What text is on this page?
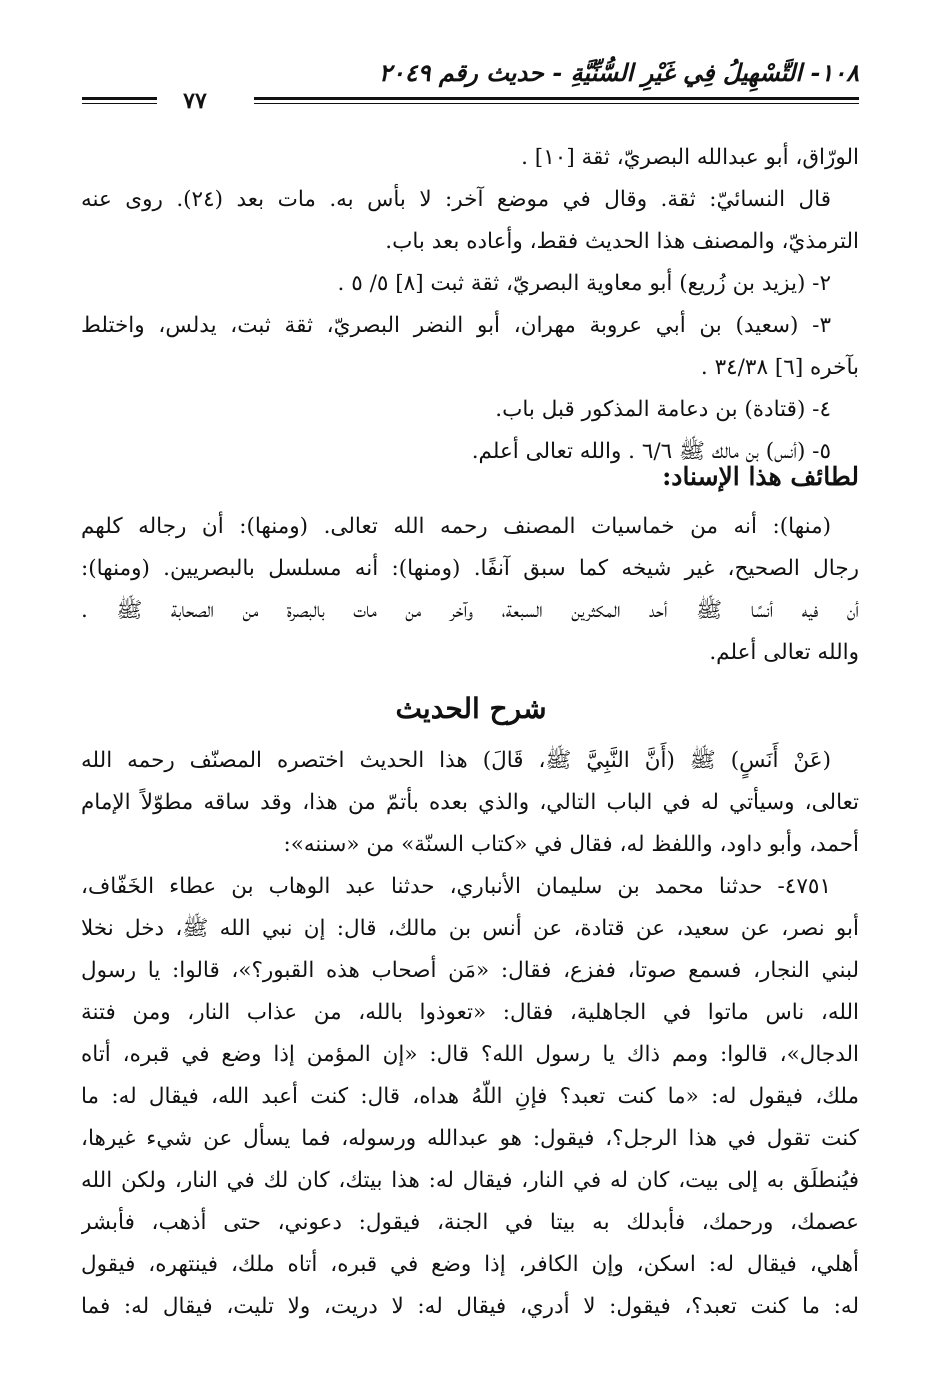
١٠٨- التَّسْهِيلُ فِي غَيْرِ السُّنِّيَّةِ - حديث رقم ٢٠٤٩
٧٧
الورّاق، أبو عبدالله البصريّ، ثقة [١٠] .
قال النسائيّ: ثقة. وقال في موضع آخر: لا بأس به. مات بعد (٢٤). روى عنه
الترمذيّ، والمصنف هذا الحديث فقط، وأعاده بعد باب.
٢- (يزيد بن زُريع) أبو معاوية البصريّ، ثقة ثبت [٨] ٥/ ٥ .
٣- (سعيد) بن أبي عروبة مهران، أبو النضر البصريّ، ثقة ثبت، يدلس، واختلط
بآخره [٦] ٣٤/٣٨ .
٤- (قتادة) بن دعامة المذكور قبل باب.
٥- (أنس) بن مالك ﷺ ٦/٦ . والله تعالى أعلم.
لطائف هذا الإسناد:
(منها): أنه من خماسيات المصنف رحمه الله تعالى. (ومنها): أن رجاله كلهم
رجال الصحيح، غير شيخه كما سبق آنفًا. (ومنها): أنه مسلسل بالبصريين. (ومنها):
أن فيه أنسًا ﷺ أحد المكثرين السبعة، وآخر من مات بالبصرة من الصحابة ﷺ .
والله تعالى أعلم.
شرح الحديث
(عَنْ أَنَسٍ) ﷺ (أَنَّ النَّبِيَّ ﷺ، قَالَ) هذا الحديث اختصره المصنّف رحمه الله
تعالى، وسيأتي له في الباب التالي، والذي بعده بأتمّ من هذا، وقد ساقه مطوّلاً الإمام
أحمد، وأبو داود، واللفظ له، فقال في «كتاب السنّة» من «سننه»:
٤٧٥١- حدثنا محمد بن سليمان الأنباري، حدثنا عبد الوهاب بن عطاء الخَفّاف،
أبو نصر، عن سعيد، عن قتادة، عن أنس بن مالك، قال: إن نبي الله ﷺ، دخل نخلا
لبني النجار، فسمع صوتا، ففزع، فقال: «مَن أصحاب هذه القبور؟»، قالوا: يا رسول
الله، ناس ماتوا في الجاهلية، فقال: «تعوذوا بالله، من عذاب النار، ومن فتنة
الدجال»، قالوا: ومم ذاك يا رسول الله؟ قال: «إن المؤمن إذا وضع في قبره، أتاه
ملك، فيقول له: «ما كنت تعبد؟ فإنِ اللّهُ هداه، قال: كنت أعبد الله، فيقال له: ما
كنت تقول في هذا الرجل؟، فيقول: هو عبدالله ورسوله، فما يسأل عن شيء غيرها،
فيُنطلَق به إلى بيت، كان له في النار، فيقال له: هذا بيتك، كان لك في النار، ولكن الله
عصمك، ورحمك، فأبدلك به بيتا في الجنة، فيقول: دعوني، حتى أذهب، فأبشر
أهلي، فيقال له: اسكن، وإن الكافر، إذا وضع في قبره، أتاه ملك، فينتهره، فيقول
له: ما كنت تعبد؟، فيقول: لا أدري، فيقال له: لا دريت، ولا تليت، فيقال له: فما
